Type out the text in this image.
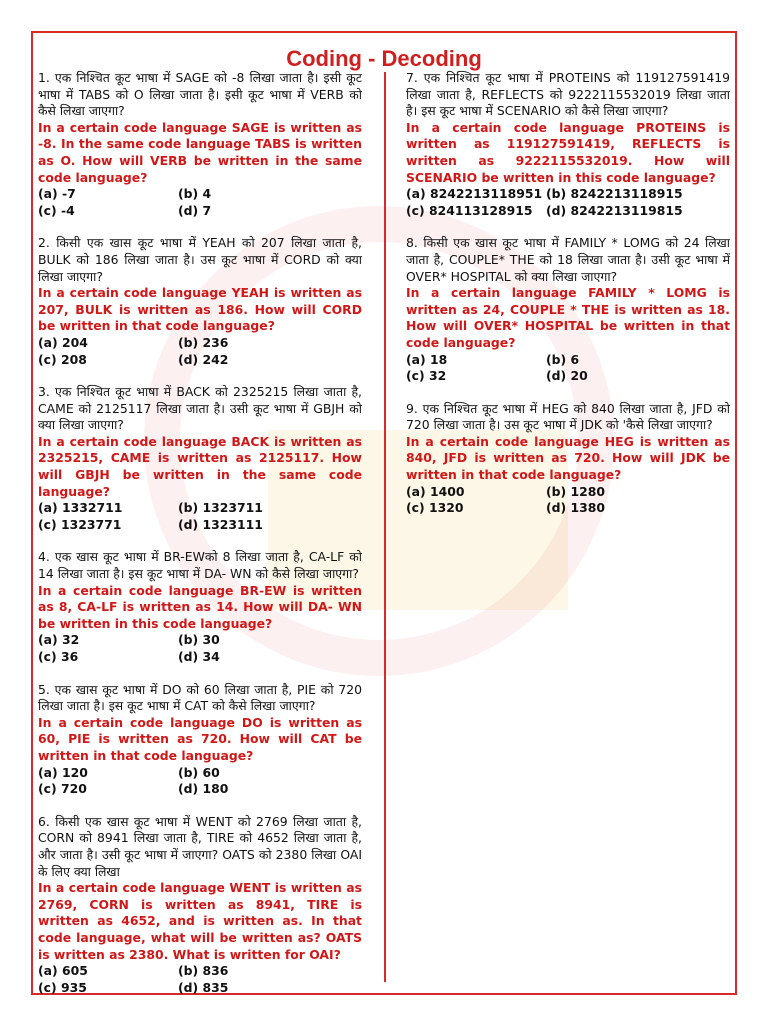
Coding - Decoding
1. एक निश्चित कूट भाषा में SAGE को -8 लिखा जाता है। इसी कूट भाषा में TABS को O लिखा जाता है। इसी कूट भाषा में VERB को कैसे लिखा जाएगा?
In a certain code language SAGE is written as -8. In the same code language TABS is written as O. How will VERB be written in the same code language?
(a) -7	(b) 4
(c) -4	(d) 7
2. किसी एक खास कूट भाषा में YEAH को 207 लिखा जाता है, BULK को 186 लिखा जाता है। उस कूट भाषा में CORD को क्या लिखा जाएगा?
In a certain code language YEAH is written as 207, BULK is written as 186. How will CORD be written in that code language?
(a) 204	(b) 236
(c) 208	(d) 242
3. एक निश्चित कूट भाषा में BACK को 2325215 लिखा जाता है, CAME को 2125117 लिखा जाता है। उसी कूट भाषा में GBJH को क्या लिखा जाएगा?
In a certain code language BACK is written as 2325215, CAME is written as 2125117. How will GBJH be written in the same code language?
(a) 1332711	(b) 1323711
(c) 1323771	(d) 1323111
4. एक खास कूट भाषा में BR-EWको 8 लिखा जाता है, CA-LF को 14 लिखा जाता है। इस कूट भाषा में DA- WN को कैसे लिखा जाएगा?
In a certain code language BR-EW is written as 8, CA-LF is written as 14. How will DA- WN be written in this code language?
(a) 32	(b) 30
(c) 36	(d) 34
5. एक खास कूट भाषा में DO को 60 लिखा जाता है, PIE को 720 लिखा जाता है। इस कूट भाषा में CAT को कैसे लिखा जाएगा?
In a certain code language DO is written as 60, PIE is written as 720. How will CAT be written in that code language?
(a) 120	(b) 60
(c) 720	(d) 180
6. किसी एक खास कूट भाषा में WENT को 2769 लिखा जाता है, CORN को 8941 लिखा जाता है, TIRE को 4652 लिखा जाता है, और जाता है। उसी कूट भाषा में जाएगा? OATS को 2380 लिखा OAI के लिए क्या लिखा
In a certain code language WENT is written as 2769, CORN is written as 8941, TIRE is written as 4652, and is written as. In that code language, what will be written as? OATS is written as 2380. What is written for OAI?
(a) 605	(b) 836
(c) 935	(d) 835
7. एक निश्चित कूट भाषा में PROTEINS को 119127591419 लिखा जाता है, REFLECTS को 9222115532019 लिखा जाता है। इस कूट भाषा में SCENARIO को कैसे लिखा जाएगा?
In a certain code language PROTEINS is written as 119127591419, REFLECTS is written as 9222115532019. How will SCENARIO be written in this code language?
(a) 8242213118951 (b) 8242213118915
(c) 824113128915	(d) 8242213119815
8. किसी एक खास कूट भाषा में FAMILY * LOMG को 24 लिखा जाता है, COUPLE* THE को 18 लिखा जाता है। उसी कूट भाषा में OVER* HOSPITAL को क्या लिखा जाएगा?
In a certain language FAMILY * LOMG is written as 24, COUPLE * THE is written as 18. How will OVER* HOSPITAL be written in that code language?
(a) 18	(b) 6
(c) 32	(d) 20
9. एक निश्चित कूट भाषा में HEG को 840 लिखा जाता है, JFD को 720 लिखा जाता है। उस कूट भाषा में JDK को 'कैसे लिखा जाएगा?
In a certain code language HEG is written as 840, JFD is written as 720. How will JDK be written in that code language?
(a) 1400	(b) 1280
(c) 1320	(d) 1380
